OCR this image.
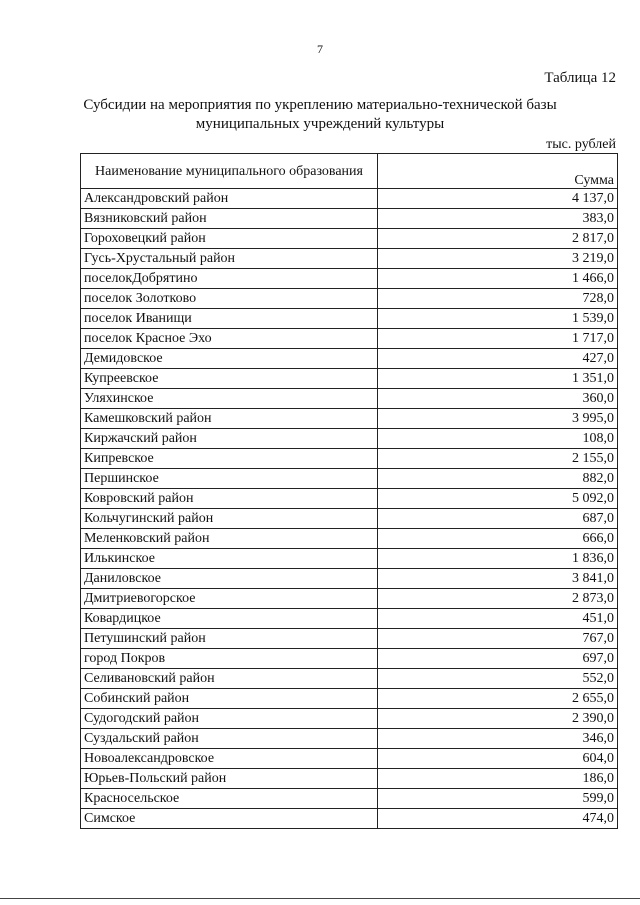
7
Таблица 12
Субсидии на мероприятия по укреплению материально-технической базы
муниципальных учреждений культуры
тыс. рублей
Наименование муниципального образования	Сумма
Александровский район	4 137,0
Вязниковский район	383,0
Гороховецкий район	2 817,0
Гусь-Хрустальный район	3 219,0
поселокДобрятино	1 466,0
поселок Золотково	728,0
поселок Иванищи	1 539,0
поселок Красное Эхо	1 717,0
Демидовское	427,0
Купреевское	1 351,0
Уляхинское	360,0
Камешковский район	3 995,0
Киржачский район	108,0
Кипревское	2 155,0
Першинское	882,0
Ковровский район	5 092,0
Кольчугинский район	687,0
Меленковский район	666,0
Илькинское	1 836,0
Даниловское	3 841,0
Дмитриевогорское	2 873,0
Ковардицкое	451,0
Петушинский район	767,0
город Покров	697,0
Селивановский район	552,0
Собинский район	2 655,0
Судогодский район	2 390,0
Суздальский район	346,0
Новоалександровское	604,0
Юрьев-Польский район	186,0
Красносельское	599,0
Симское	474,0
